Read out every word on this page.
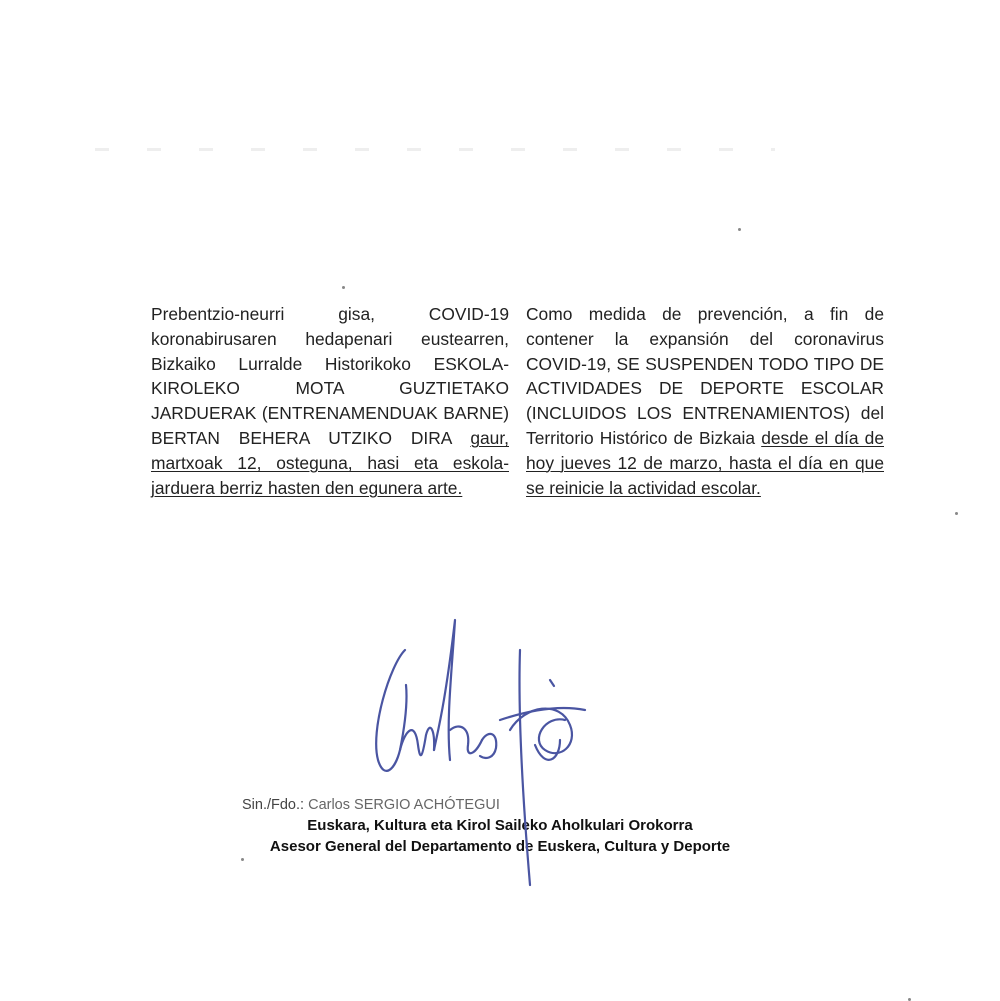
Prebentzio-neurri gisa, COVID-19 koronabirusaren hedapenari eustearren, Bizkaiko Lurralde Historikoko ESKOLA-KIROLEKO MOTA GUZTIETAKO JARDUERAK (ENTRENAMENDUAK BARNE) BERTAN BEHERA UTZIKO DIRA gaur, martxoak 12, osteguna, hasi eta eskola-jarduera berriz hasten den egunera arte.
Como medida de prevención, a fin de contener la expansión del coronavirus COVID-19, SE SUSPENDEN TODO TIPO DE ACTIVIDADES DE DEPORTE ESCOLAR (INCLUIDOS LOS ENTRENAMIENTOS) del Territorio Histórico de Bizkaia desde el día de hoy jueves 12 de marzo, hasta el día en que se reinicie la actividad escolar.
Sin./Fdo.: Carlos SERGIO ACHÓTEGUI
Euskara, Kultura eta Kirol Saileko Aholkulari Orokorra
Asesor General del Departamento de Euskera, Cultura y Deporte
